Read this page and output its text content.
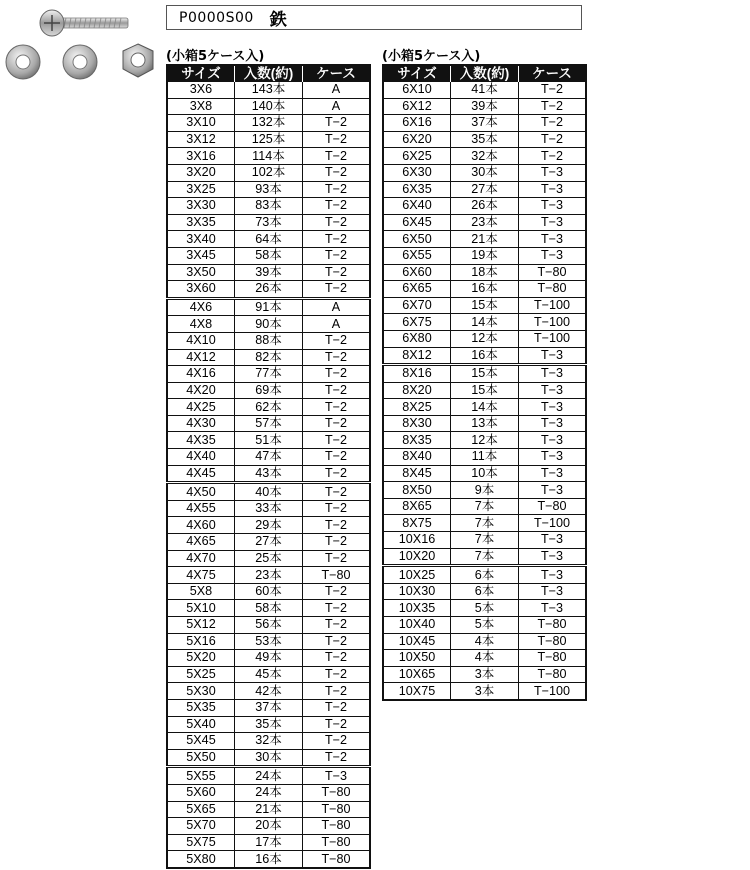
P0000S00 鉄
(小箱5ケース入)	(小箱5ケース入)
サイズ	入数(約)	ケース
3X6	143本	A
3X8	140本	A
3X10	132本	T−2
3X12	125本	T−2
3X16	114本	T−2
3X20	102本	T−2
3X25	93本	T−2
3X30	83本	T−2
3X35	73本	T−2
3X40	64本	T−2
3X45	58本	T−2
3X50	39本	T−2
3X60	26本	T−2
4X6	91本	A
4X8	90本	A
4X10	88本	T−2
4X12	82本	T−2
4X16	77本	T−2
4X20	69本	T−2
4X25	62本	T−2
4X30	57本	T−2
4X35	51本	T−2
4X40	47本	T−2
4X45	43本	T−2
4X50	40本	T−2
4X55	33本	T−2
4X60	29本	T−2
4X65	27本	T−2
4X70	25本	T−2
4X75	23本	T−80
5X8	60本	T−2
5X10	58本	T−2
5X12	56本	T−2
5X16	53本	T−2
5X20	49本	T−2
5X25	45本	T−2
5X30	42本	T−2
5X35	37本	T−2
5X40	35本	T−2
5X45	32本	T−2
5X50	30本	T−2
5X55	24本	T−3
5X60	24本	T−80
5X65	21本	T−80
5X70	20本	T−80
5X75	17本	T−80
5X80	16本	T−80
サイズ	入数(約)	ケース
6X10	41本	T−2
6X12	39本	T−2
6X16	37本	T−2
6X20	35本	T−2
6X25	32本	T−2
6X30	30本	T−3
6X35	27本	T−3
6X40	26本	T−3
6X45	23本	T−3
6X50	21本	T−3
6X55	19本	T−3
6X60	18本	T−80
6X65	16本	T−80
6X70	15本	T−100
6X75	14本	T−100
6X80	12本	T−100
8X12	16本	T−3
8X16	15本	T−3
8X20	15本	T−3
8X25	14本	T−3
8X30	13本	T−3
8X35	12本	T−3
8X40	11本	T−3
8X45	10本	T−3
8X50	9本	T−3
8X65	7本	T−80
8X75	7本	T−100
10X16	7本	T−3
10X20	7本	T−3
10X25	6本	T−3
10X30	6本	T−3
10X35	5本	T−3
10X40	5本	T−80
10X45	4本	T−80
10X50	4本	T−80
10X65	3本	T−80
10X75	3本	T−100
